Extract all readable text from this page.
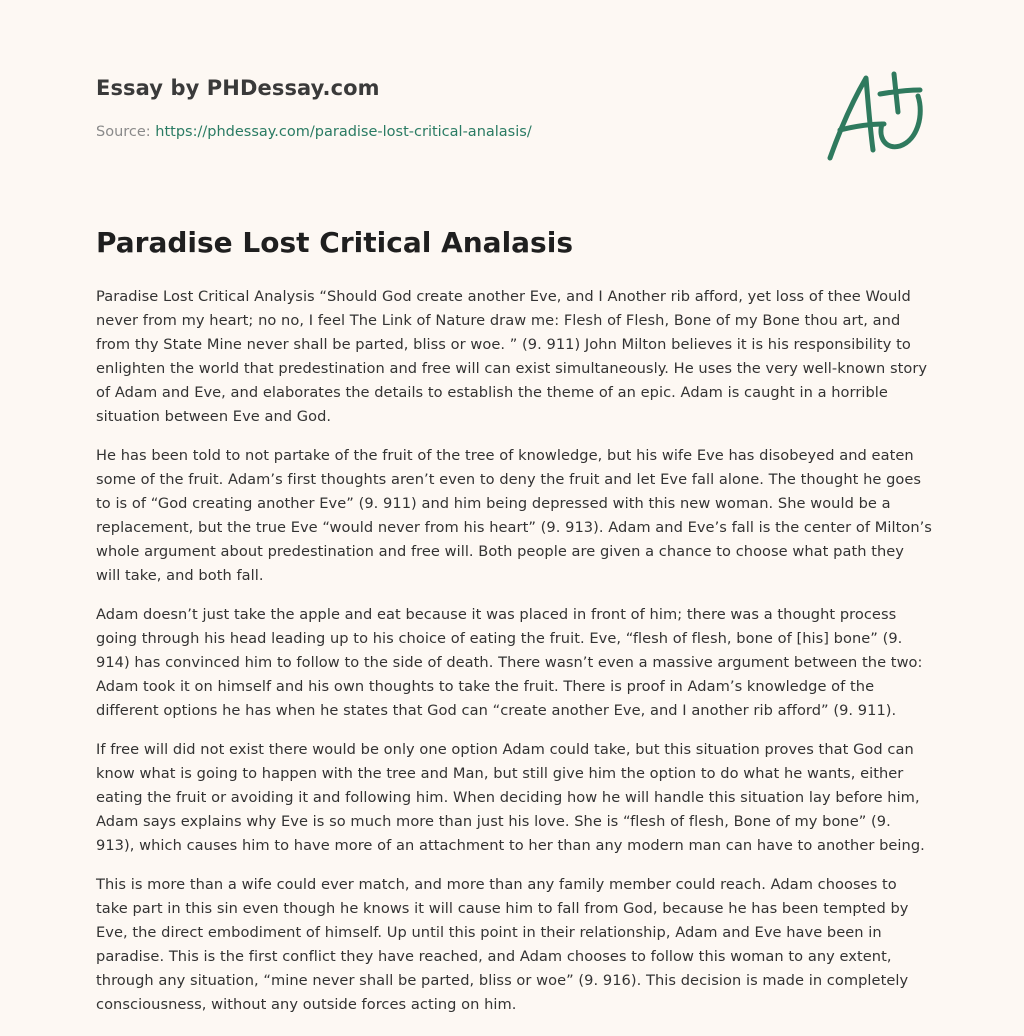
Essay by PHDessay.com
Source: https://phdessay.com/paradise-lost-critical-analasis/
Paradise Lost Critical Analasis

Paradise Lost Critical Analysis “Should God create another Eve, and I Another rib afford, yet loss of thee Would never from my heart; no no, I feel The Link of Nature draw me: Flesh of Flesh, Bone of my Bone thou art, and from thy State Mine never shall be parted, bliss or woe. ” (9. 911) John Milton believes it is his responsibility to enlighten the world that predestination and free will can exist simultaneously. He uses the very well-known story of Adam and Eve, and elaborates the details to establish the theme of an epic. Adam is caught in a horrible situation between Eve and God.

He has been told to not partake of the fruit of the tree of knowledge, but his wife Eve has disobeyed and eaten some of the fruit. Adam’s first thoughts aren’t even to deny the fruit and let Eve fall alone. The thought he goes to is of “God creating another Eve” (9. 911) and him being depressed with this new woman. She would be a replacement, but the true Eve “would never from his heart” (9. 913). Adam and Eve’s fall is the center of Milton’s whole argument about predestination and free will. Both people are given a chance to choose what path they will take, and both fall.

Adam doesn’t just take the apple and eat because it was placed in front of him; there was a thought process going through his head leading up to his choice of eating the fruit. Eve, “flesh of flesh, bone of [his] bone” (9. 914) has convinced him to follow to the side of death. There wasn’t even a massive argument between the two: Adam took it on himself and his own thoughts to take the fruit. There is proof in Adam’s knowledge of the different options he has when he states that God can “create another Eve, and I another rib afford” (9. 911).

If free will did not exist there would be only one option Adam could take, but this situation proves that God can know what is going to happen with the tree and Man, but still give him the option to do what he wants, either eating the fruit or avoiding it and following him. When deciding how he will handle this situation lay before him, Adam says explains why Eve is so much more than just his love. She is “flesh of flesh, Bone of my bone” (9. 913), which causes him to have more of an attachment to her than any modern man can have to another being.

This is more than a wife could ever match, and more than any family member could reach. Adam chooses to take part in this sin even though he knows it will cause him to fall from God, because he has been tempted by Eve, the direct embodiment of himself. Up until this point in their relationship, Adam and Eve have been in paradise. This is the first conflict they have reached, and Adam chooses to follow this woman to any extent, through any situation, “mine never shall be parted, bliss or woe” (9. 916). This decision is made in completely consciousness, without any outside forces acting on him.
